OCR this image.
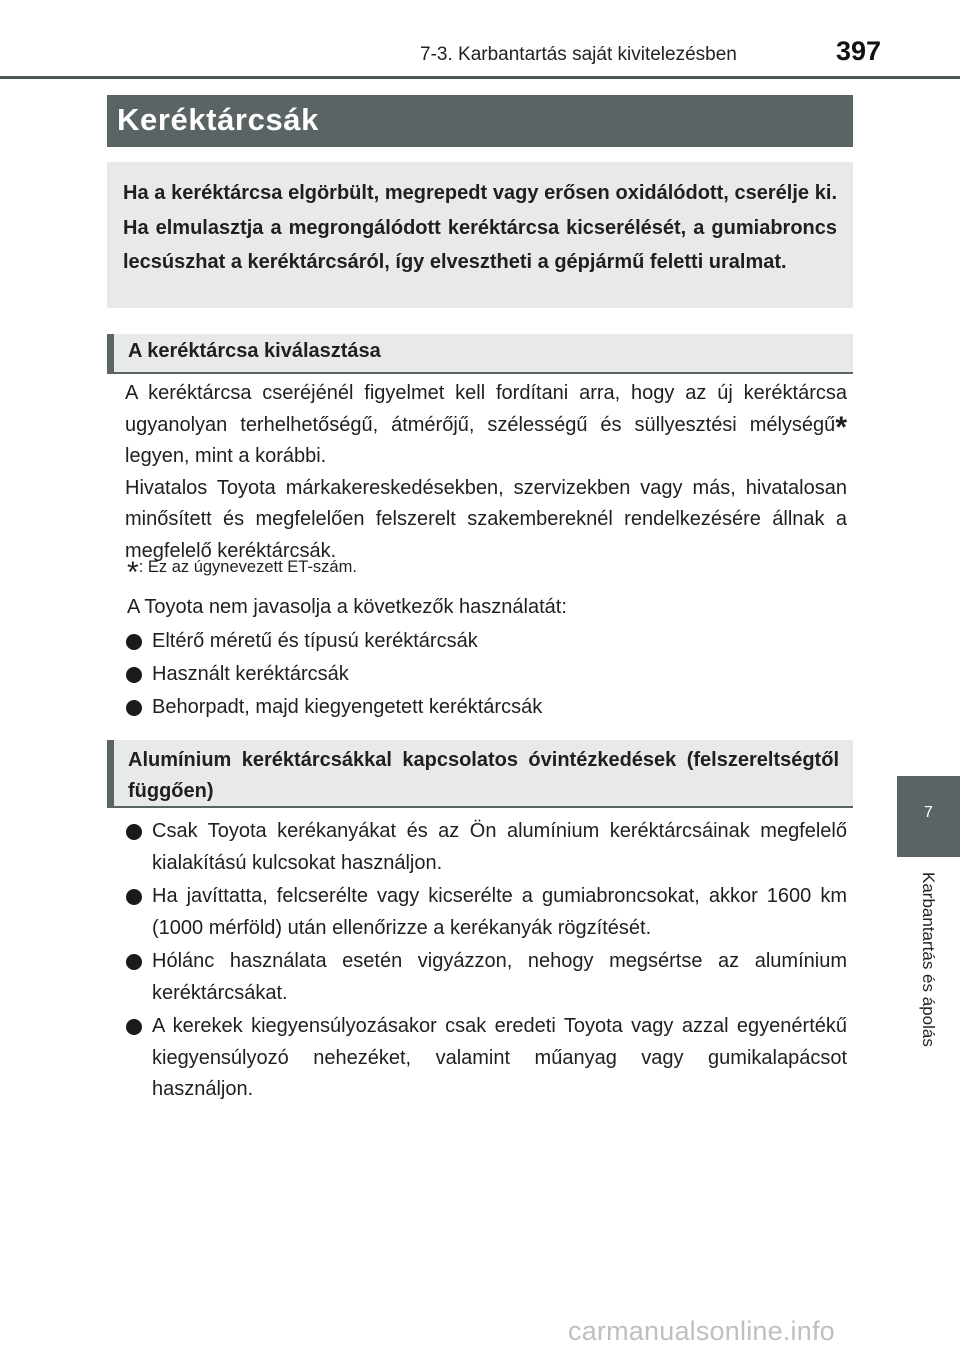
7-3. Karbantartás saját kivitelezésben	397
Keréktárcsák
Ha a keréktárcsa elgörbült, megrepedt vagy erősen oxidálódott, cserélje ki. Ha elmulasztja a megrongálódott keréktárcsa kicserélését, a gumiabroncs lecsúszhat a keréktárcsáról, így elvesztheti a gépjármű feletti uralmat.
A keréktárcsa kiválasztása
A keréktárcsa cseréjénél figyelmet kell fordítani arra, hogy az új keréktárcsa ugyanolyan terhelhetőségű, átmérőjű, szélességű és süllyesztési mélységű* legyen, mint a korábbi.
Hivatalos Toyota márkakereskedésekben, szervizekben vagy más, hivatalosan minősített és megfelelően felszerelt szakembereknél rendelkezésére állnak a megfelelő keréktárcsák.
*: Ez az úgynevezett ET-szám.
A Toyota nem javasolja a következők használatát:
Eltérő méretű és típusú keréktárcsák
Használt keréktárcsák
Behorpadt, majd kiegyengetett keréktárcsák
Alumínium keréktárcsákkal kapcsolatos óvintézkedések (felszereltségtől függően)
Csak Toyota kerékanyákat és az Ön alumínium keréktárcsáinak megfelelő kialakítású kulcsokat használjon.
Ha javíttatta, felcserélte vagy kicserélte a gumiabroncsokat, akkor 1600 km (1000 mérföld) után ellenőrizze a kerékanyák rögzítését.
Hólánc használata esetén vigyázzon, nehogy megsértse az alumínium keréktárcsákat.
A kerekek kiegyensúlyozásakor csak eredeti Toyota vagy azzal egyenértékű kiegyensúlyozó nehezéket, valamint műanyag vagy gumikalapácsot használjon.
7
Karbantartás és ápolás
carmanualsonline.info
